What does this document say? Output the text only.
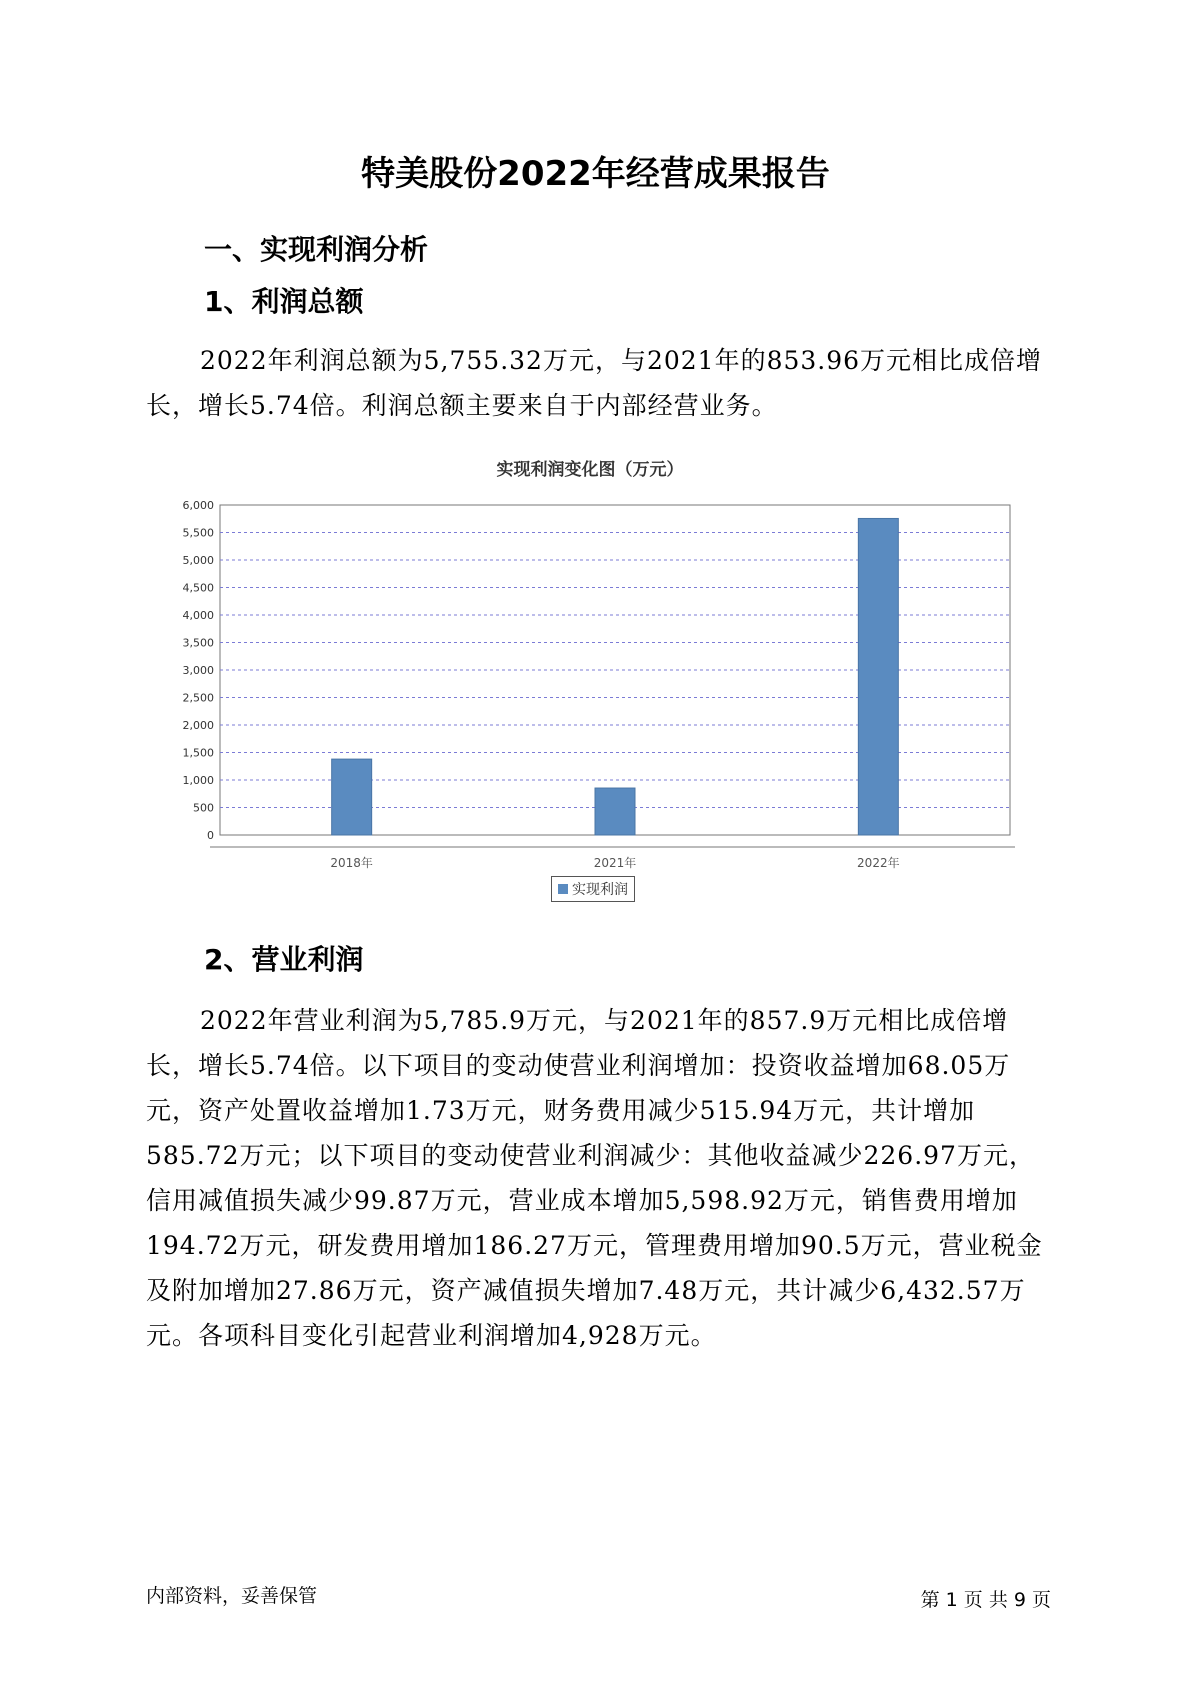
特美股份2022年经营成果报告
一、实现利润分析
1、利润总额
2022年利润总额为5,755.32万元，与2021年的853.96万元相比成倍增长，增长5.74倍。利润总额主要来自于内部经营业务。
实现利润变化图（万元）
0
500
1,000
1,500
2,000
2,500
3,000
3,500
4,000
4,500
5,000
5,500
6,000
2018年	2021年	2022年
实现利润
2、营业利润
2022年营业利润为5,785.9万元，与2021年的857.9万元相比成倍增长，增长5.74倍。以下项目的变动使营业利润增加：投资收益增加68.05万元，资产处置收益增加1.73万元，财务费用减少515.94万元，共计增加585.72万元；以下项目的变动使营业利润减少：其他收益减少226.97万元，信用减值损失减少99.87万元，营业成本增加5,598.92万元，销售费用增加194.72万元，研发费用增加186.27万元，管理费用增加90.5万元，营业税金及附加增加27.86万元，资产减值损失增加7.48万元，共计减少6,432.57万元。各项科目变化引起营业利润增加4,928万元。
内部资料，妥善保管	第 1 页 共 9 页
